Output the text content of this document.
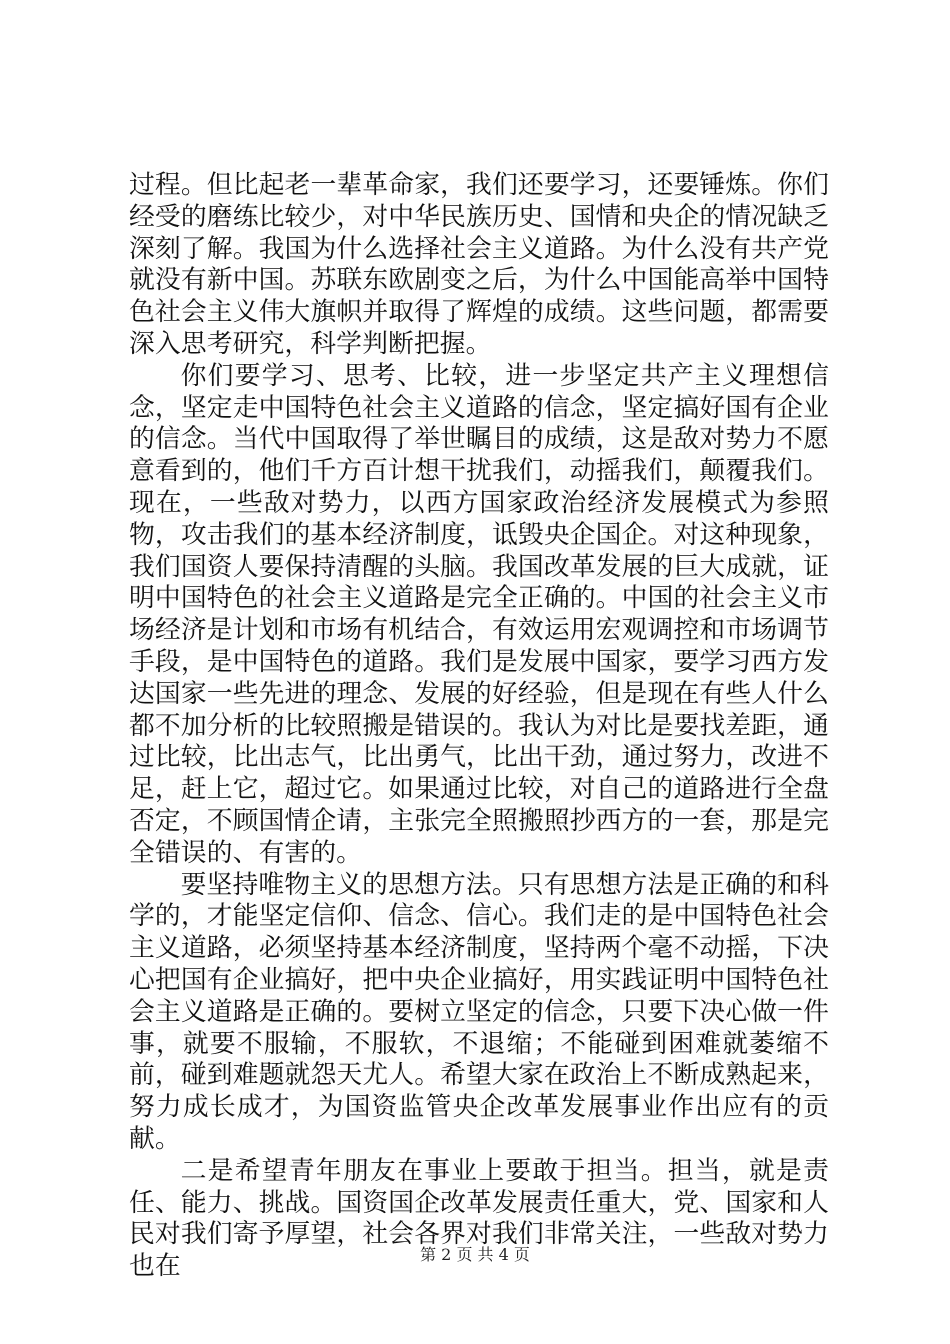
过程。但比起老一辈革命家，我们还要学习，还要锤炼。你们经受的磨练比较少，对中华民族历史、国情和央企的情况缺乏深刻了解。我国为什么选择社会主义道路。为什么没有共产党就没有新中国。苏联东欧剧变之后，为什么中国能高举中国特色社会主义伟大旗帜并取得了辉煌的成绩。这些问题，都需要深入思考研究，科学判断把握。

你们要学习、思考、比较，进一步坚定共产主义理想信念，坚定走中国特色社会主义道路的信念，坚定搞好国有企业的信念。当代中国取得了举世瞩目的成绩，这是敌对势力不愿意看到的，他们千方百计想干扰我们，动摇我们，颠覆我们。现在，一些敌对势力，以西方国家政治经济发展模式为参照物，攻击我们的基本经济制度，诋毁央企国企。对这种现象，我们国资人要保持清醒的头脑。我国改革发展的巨大成就，证明中国特色的社会主义道路是完全正确的。中国的社会主义市场经济是计划和市场有机结合，有效运用宏观调控和市场调节手段，是中国特色的道路。我们是发展中国家，要学习西方发达国家一些先进的理念、发展的好经验，但是现在有些人什么都不加分析的比较照搬是错误的。我认为对比是要找差距，通过比较，比出志气，比出勇气，比出干劲，通过努力，改进不足，赶上它，超过它。如果通过比较，对自己的道路进行全盘否定，不顾国情企请，主张完全照搬照抄西方的一套，那是完全错误的、有害的。

要坚持唯物主义的思想方法。只有思想方法是正确的和科学的，才能坚定信仰、信念、信心。我们走的是中国特色社会主义道路，必须坚持基本经济制度，坚持两个毫不动摇，下决心把国有企业搞好，把中央企业搞好，用实践证明中国特色社会主义道路是正确的。要树立坚定的信念，只要下决心做一件事，就要不服输，不服软，不退缩；不能碰到困难就萎缩不前，碰到难题就怨天尤人。希望大家在政治上不断成熟起来，努力成长成才，为国资监管央企改革发展事业作出应有的贡献。

二是希望青年朋友在事业上要敢于担当。担当，就是责任、能力、挑战。国资国企改革发展责任重大，党、国家和人民对我们寄予厚望，社会各界对我们非常关注，一些敌对势力也在	第 2 页 共 4 页
